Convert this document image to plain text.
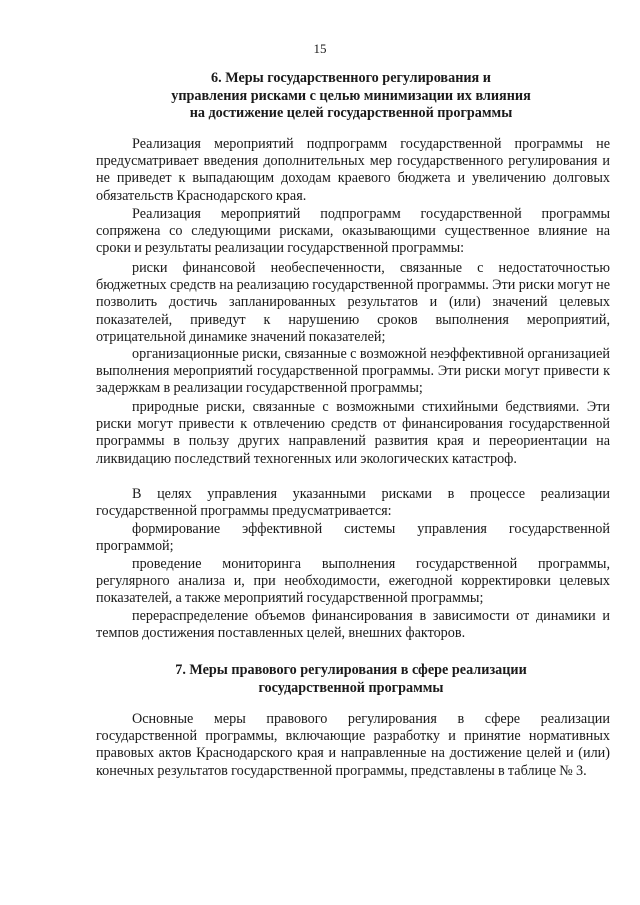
15
6. Меры государственного регулирования и
управления рисками с целью минимизации их влияния
на достижение целей государственной программы
Реализация мероприятий подпрограмм государственной программы не предусматривает введения дополнительных мер государственного регулирования и не приведет к выпадающим доходам краевого бюджета и увеличению долговых обязательств Краснодарского края.
Реализация мероприятий подпрограмм государственной программы сопряжена со следующими рисками, оказывающими существенное влияние на сроки и результаты реализации государственной программы:
риски финансовой необеспеченности, связанные с недостаточностью бюджетных средств на реализацию государственной программы. Эти риски могут не позволить достичь запланированных результатов и (или) значений целевых показателей, приведут к нарушению сроков выполнения мероприятий, отрицательной динамике значений показателей;
организационные риски, связанные с возможной неэффективной организацией выполнения мероприятий государственной программы. Эти риски могут привести к задержкам в реализации государственной программы;
природные риски, связанные с возможными стихийными бедствиями. Эти риски могут привести к отвлечению средств от финансирования государственной программы в пользу других направлений развития края и переориентации на ликвидацию последствий техногенных или экологических катастроф.
В целях управления указанными рисками в процессе реализации государственной программы предусматривается:
формирование эффективной системы управления государственной программой;
проведение мониторинга выполнения государственной программы, регулярного анализа и, при необходимости, ежегодной корректировки целевых показателей, а также мероприятий государственной программы;
перераспределение объемов финансирования в зависимости от динамики и темпов достижения поставленных целей, внешних факторов.
7. Меры правового регулирования в сфере реализации
государственной программы
Основные меры правового регулирования в сфере реализации государственной программы, включающие разработку и принятие нормативных правовых актов Краснодарского края и направленные на достижение целей и (или) конечных результатов государственной программы, представлены в таблице № 3.
